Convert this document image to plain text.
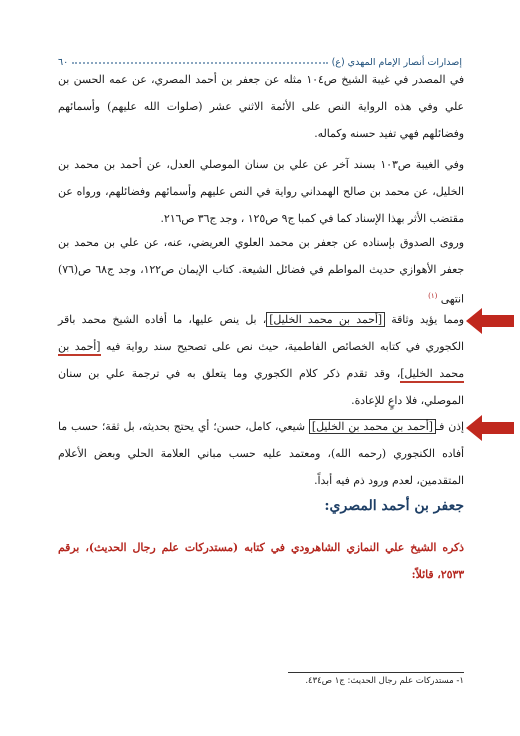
إصدارات أنصار الإمام المهدي (ع)
٦٠

في المصدر في غيبة الشيخ ص١٠٤ مثله عن جعفر بن أحمد المصري، عن عمه الحسن بن علي وفي هذه الرواية النص على الأئمة الاثني عشر (صلوات الله عليهم) وأسمائهم وفضائلهم فهي تفيد حسنه وكماله.

وفي الغيبة ص١٠٣ بسند آخر عن علي بن سنان الموصلي العدل، عن أحمد بن محمد بن الخليل، عن محمد بن صالح الهمداني رواية في النص عليهم وأسمائهم وفضائلهم، ورواه عن مقتضب الأثر بهذا الإسناد كما في كمبا ج٩ ص١٢٥ ، وجد ج٣٦ ص٢١٦.

وروى الصدوق بإسناده عن جعفر بن محمد العلوي العريضي، عنه، عن علي بن محمد بن جعفر الأهوازي حديث المواطم في فضائل الشيعة. كتاب الإيمان ص١٢٢، وجد ج٦٨ ص(٧٦) انتهى $^{(١)}$

ومما يؤيد وثاقة [أحمد بن محمد الخليل]، بل ينص عليها، ما أفاده الشيخ محمد باقر الكجوري في كتابه الخصائص الفاطمية، حيث نص على تصحيح سند رواية فيه [أحمد بن محمد الخليل]، وقد تقدم ذكر كلام الكجوري وما يتعلق به في ترجمة علي بن سنان الموصلي، فلا داعٍ للإعادة.

إذن فـ[أحمد بن محمد بن الخليل] شيعي، كامل، حسن؛ أي يحتج بحديثه، بل ثقة؛ حسب ما أفاده الكنجوري (رحمه الله)، ومعتمد عليه حسب مباني العلامة الحلي وبعض الأعلام المتقدمين، لعدم ورود ذم فيه أبداً.

جعفر بن أحمد المصري:

ذكره الشيخ علي النمازي الشاهرودي في كتابه (مستدركات علم رجال الحديث)، برقم ٢٥٣٣، قائلاً:

١- مستدركات علم رجال الحديث: ج١ ص٤٣٤.
